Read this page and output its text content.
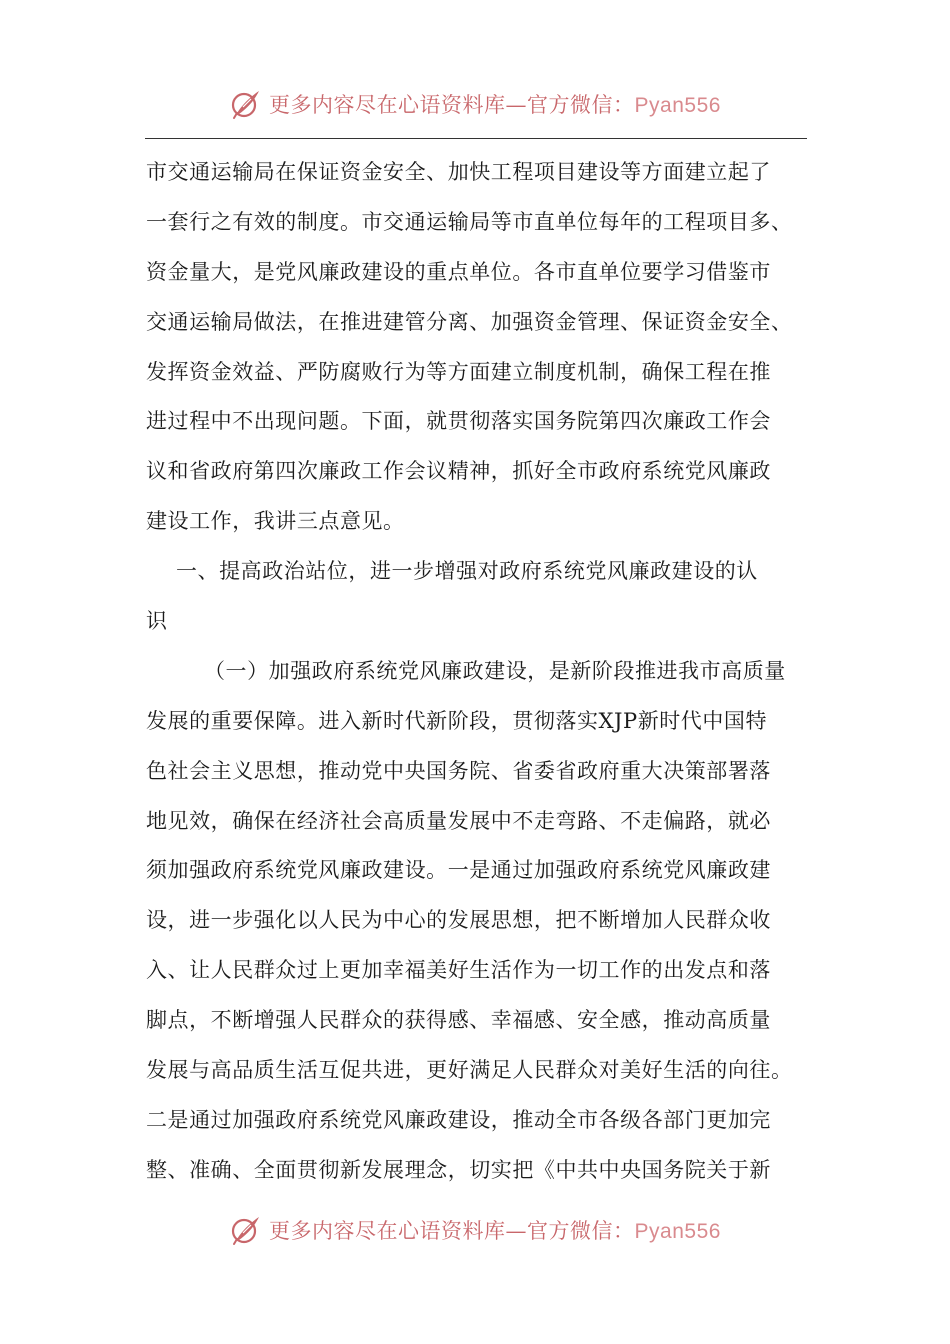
更多内容尽在心语资料库—官方微信：Pyan556
市交通运输局在保证资金安全、加快工程项目建设等方面建立起了
一套行之有效的制度。市交通运输局等市直单位每年的工程项目多、
资金量大，是党风廉政建设的重点单位。各市直单位要学习借鉴市
交通运输局做法，在推进建管分离、加强资金管理、保证资金安全、
发挥资金效益、严防腐败行为等方面建立制度机制，确保工程在推
进过程中不出现问题。下面，就贯彻落实国务院第四次廉政工作会
议和省政府第四次廉政工作会议精神，抓好全市政府系统党风廉政
建设工作，我讲三点意见。
一、提高政治站位，进一步增强对政府系统党风廉政建设的认
识
（一）加强政府系统党风廉政建设，是新阶段推进我市高质量
发展的重要保障。进入新时代新阶段，贯彻落实XJP新时代中国特
色社会主义思想，推动党中央国务院、省委省政府重大决策部署落
地见效，确保在经济社会高质量发展中不走弯路、不走偏路，就必
须加强政府系统党风廉政建设。一是通过加强政府系统党风廉政建
设，进一步强化以人民为中心的发展思想，把不断增加人民群众收
入、让人民群众过上更加幸福美好生活作为一切工作的出发点和落
脚点，不断增强人民群众的获得感、幸福感、安全感，推动高质量
发展与高品质生活互促共进，更好满足人民群众对美好生活的向往。
二是通过加强政府系统党风廉政建设，推动全市各级各部门更加完
整、准确、全面贯彻新发展理念，切实把《中共中央国务院关于新
更多内容尽在心语资料库—官方微信：Pyan556
